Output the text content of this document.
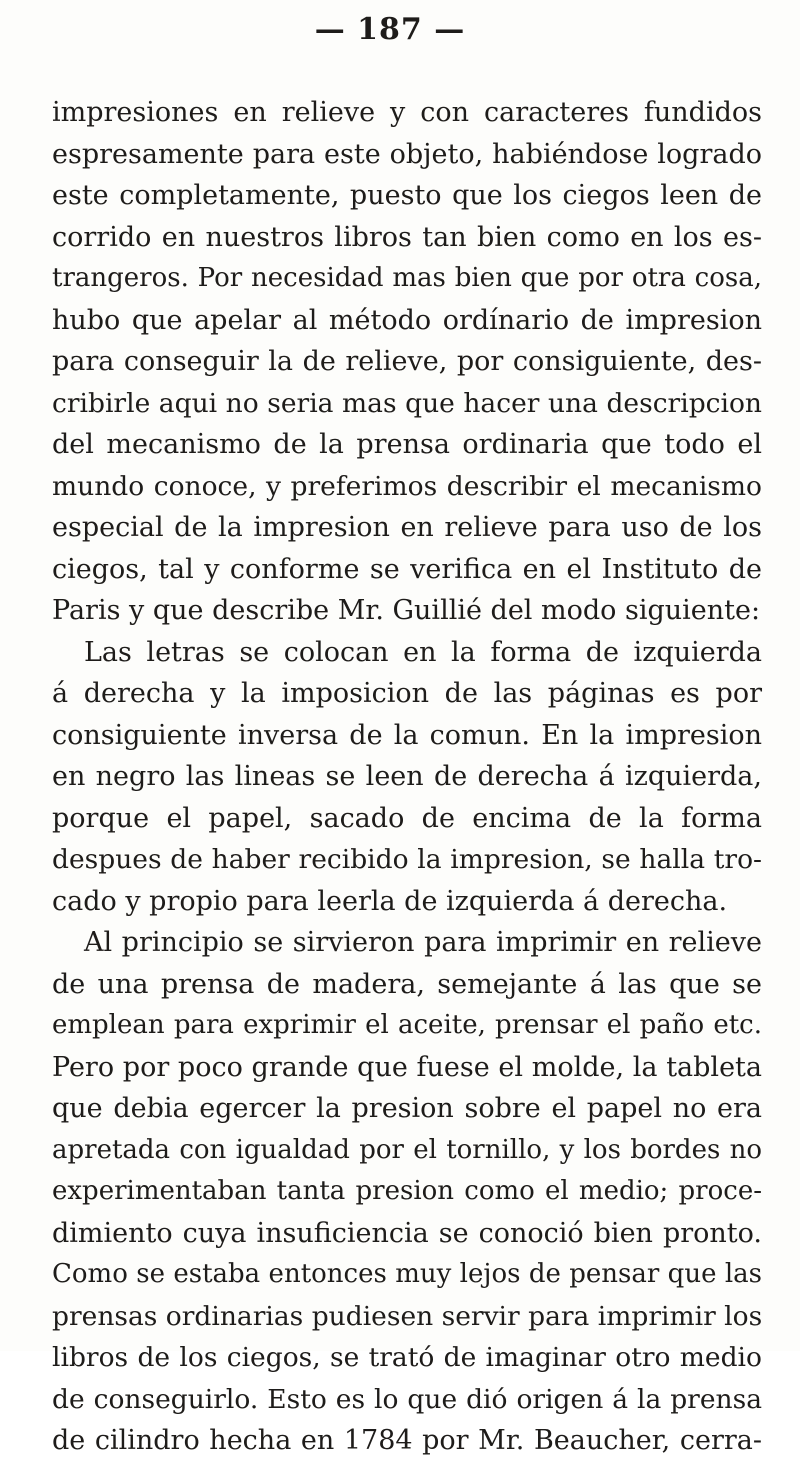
— 187 —
impresiones en relieve y con caracteres fundidos
espresamente para este objeto, habiéndose logrado
este completamente, puesto que los ciegos leen de
corrido en nuestros libros tan bien como en los es-
trangeros. Por necesidad mas bien que por otra cosa,
hubo que apelar al método ordínario de impresion
para conseguir la de relieve, por consiguiente, des-
cribirle aqui no seria mas que hacer una descripcion
del mecanismo de la prensa ordinaria que todo el
mundo conoce, y preferimos describir el mecanismo
especial de la impresion en relieve para uso de los
ciegos, tal y conforme se verifica en el Instituto de
Paris y que describe Mr. Guillié del modo siguiente:
Las letras se colocan en la forma de izquierda
á derecha y la imposicion de las páginas es por
consiguiente inversa de la comun. En la impresion
en negro las lineas se leen de derecha á izquierda,
porque el papel, sacado de encima de la forma
despues de haber recibido la impresion, se halla tro-
cado y propio para leerla de izquierda á derecha.
Al principio se sirvieron para imprimir en relieve
de una prensa de madera, semejante á las que se
emplean para exprimir el aceite, prensar el paño etc.
Pero por poco grande que fuese el molde, la tableta
que debia egercer la presion sobre el papel no era
apretada con igualdad por el tornillo, y los bordes no
experimentaban tanta presion como el medio; proce-
dimiento cuya insuficiencia se conoció bien pronto.
Como se estaba entonces muy lejos de pensar que las
prensas ordinarias pudiesen servir para imprimir los
libros de los ciegos, se trató de imaginar otro medio
de conseguirlo. Esto es lo que dió origen á la prensa
de cilindro hecha en 1784 por Mr. Beaucher, cerra-
